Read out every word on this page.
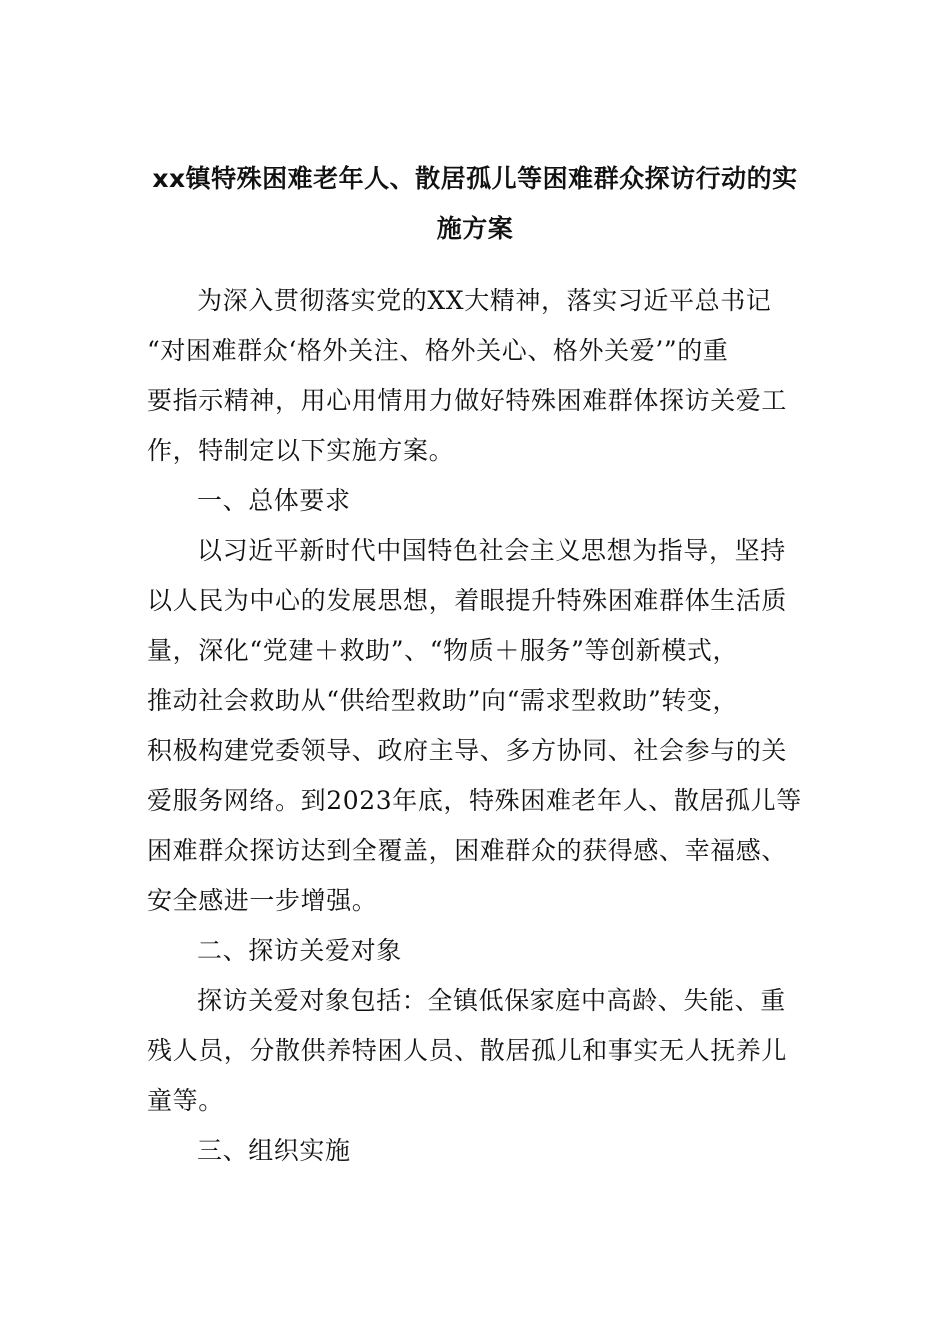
xx镇特殊困难老年人、散居孤儿等困难群众探访行动的实
施方案
为深入贯彻落实党的XX大精神，落实习近平总书记
“对困难群众‘格外关注、格外关心、格外关爱’”的重
要指示精神，用心用情用力做好特殊困难群体探访关爱工
作，特制定以下实施方案。
一、总体要求
以习近平新时代中国特色社会主义思想为指导，坚持
以人民为中心的发展思想，着眼提升特殊困难群体生活质
量，深化“党建＋救助”、“物质＋服务”等创新模式，
推动社会救助从“供给型救助”向“需求型救助”转变，
积极构建党委领导、政府主导、多方协同、社会参与的关
爱服务网络。到2023年底，特殊困难老年人、散居孤儿等
困难群众探访达到全覆盖，困难群众的获得感、幸福感、
安全感进一步增强。
二、探访关爱对象
探访关爱对象包括：全镇低保家庭中高龄、失能、重
残人员，分散供养特困人员、散居孤儿和事实无人抚养儿
童等。
三、组织实施
